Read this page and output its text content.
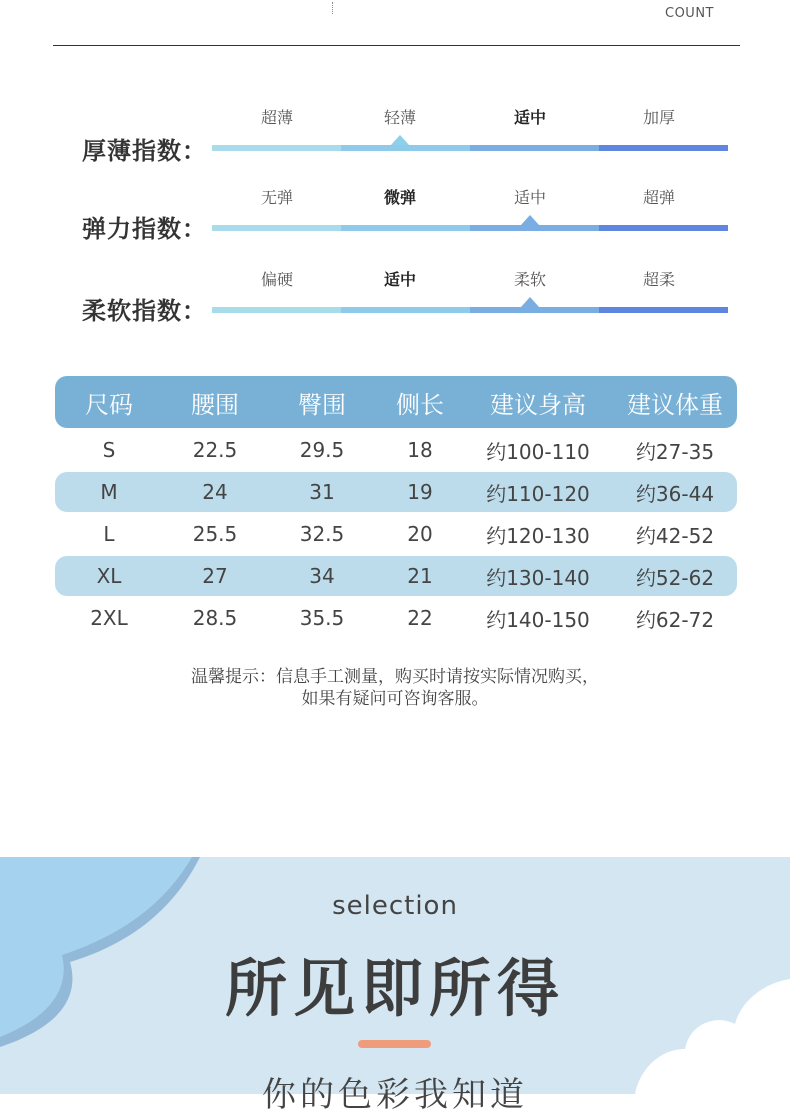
COUNT
厚薄指数：
超薄	轻薄	适中	加厚
弹力指数：
无弹	微弹	适中	超弹
柔软指数：
偏硬	适中	柔软	超柔
尺码	腰围	臀围	侧长	建议身高	建议体重
S	22.5	29.5	18	约100-110	约27-35
M	24	31	19	约110-120	约36-44
L	25.5	32.5	20	约120-130	约42-52
XL	27	34	21	约130-140	约52-62
2XL	28.5	35.5	22	约140-150	约62-72
温馨提示：信息手工测量，购买时请按实际情况购买，
如果有疑问可咨询客服。
selection
所见即所得
你的色彩我知道
